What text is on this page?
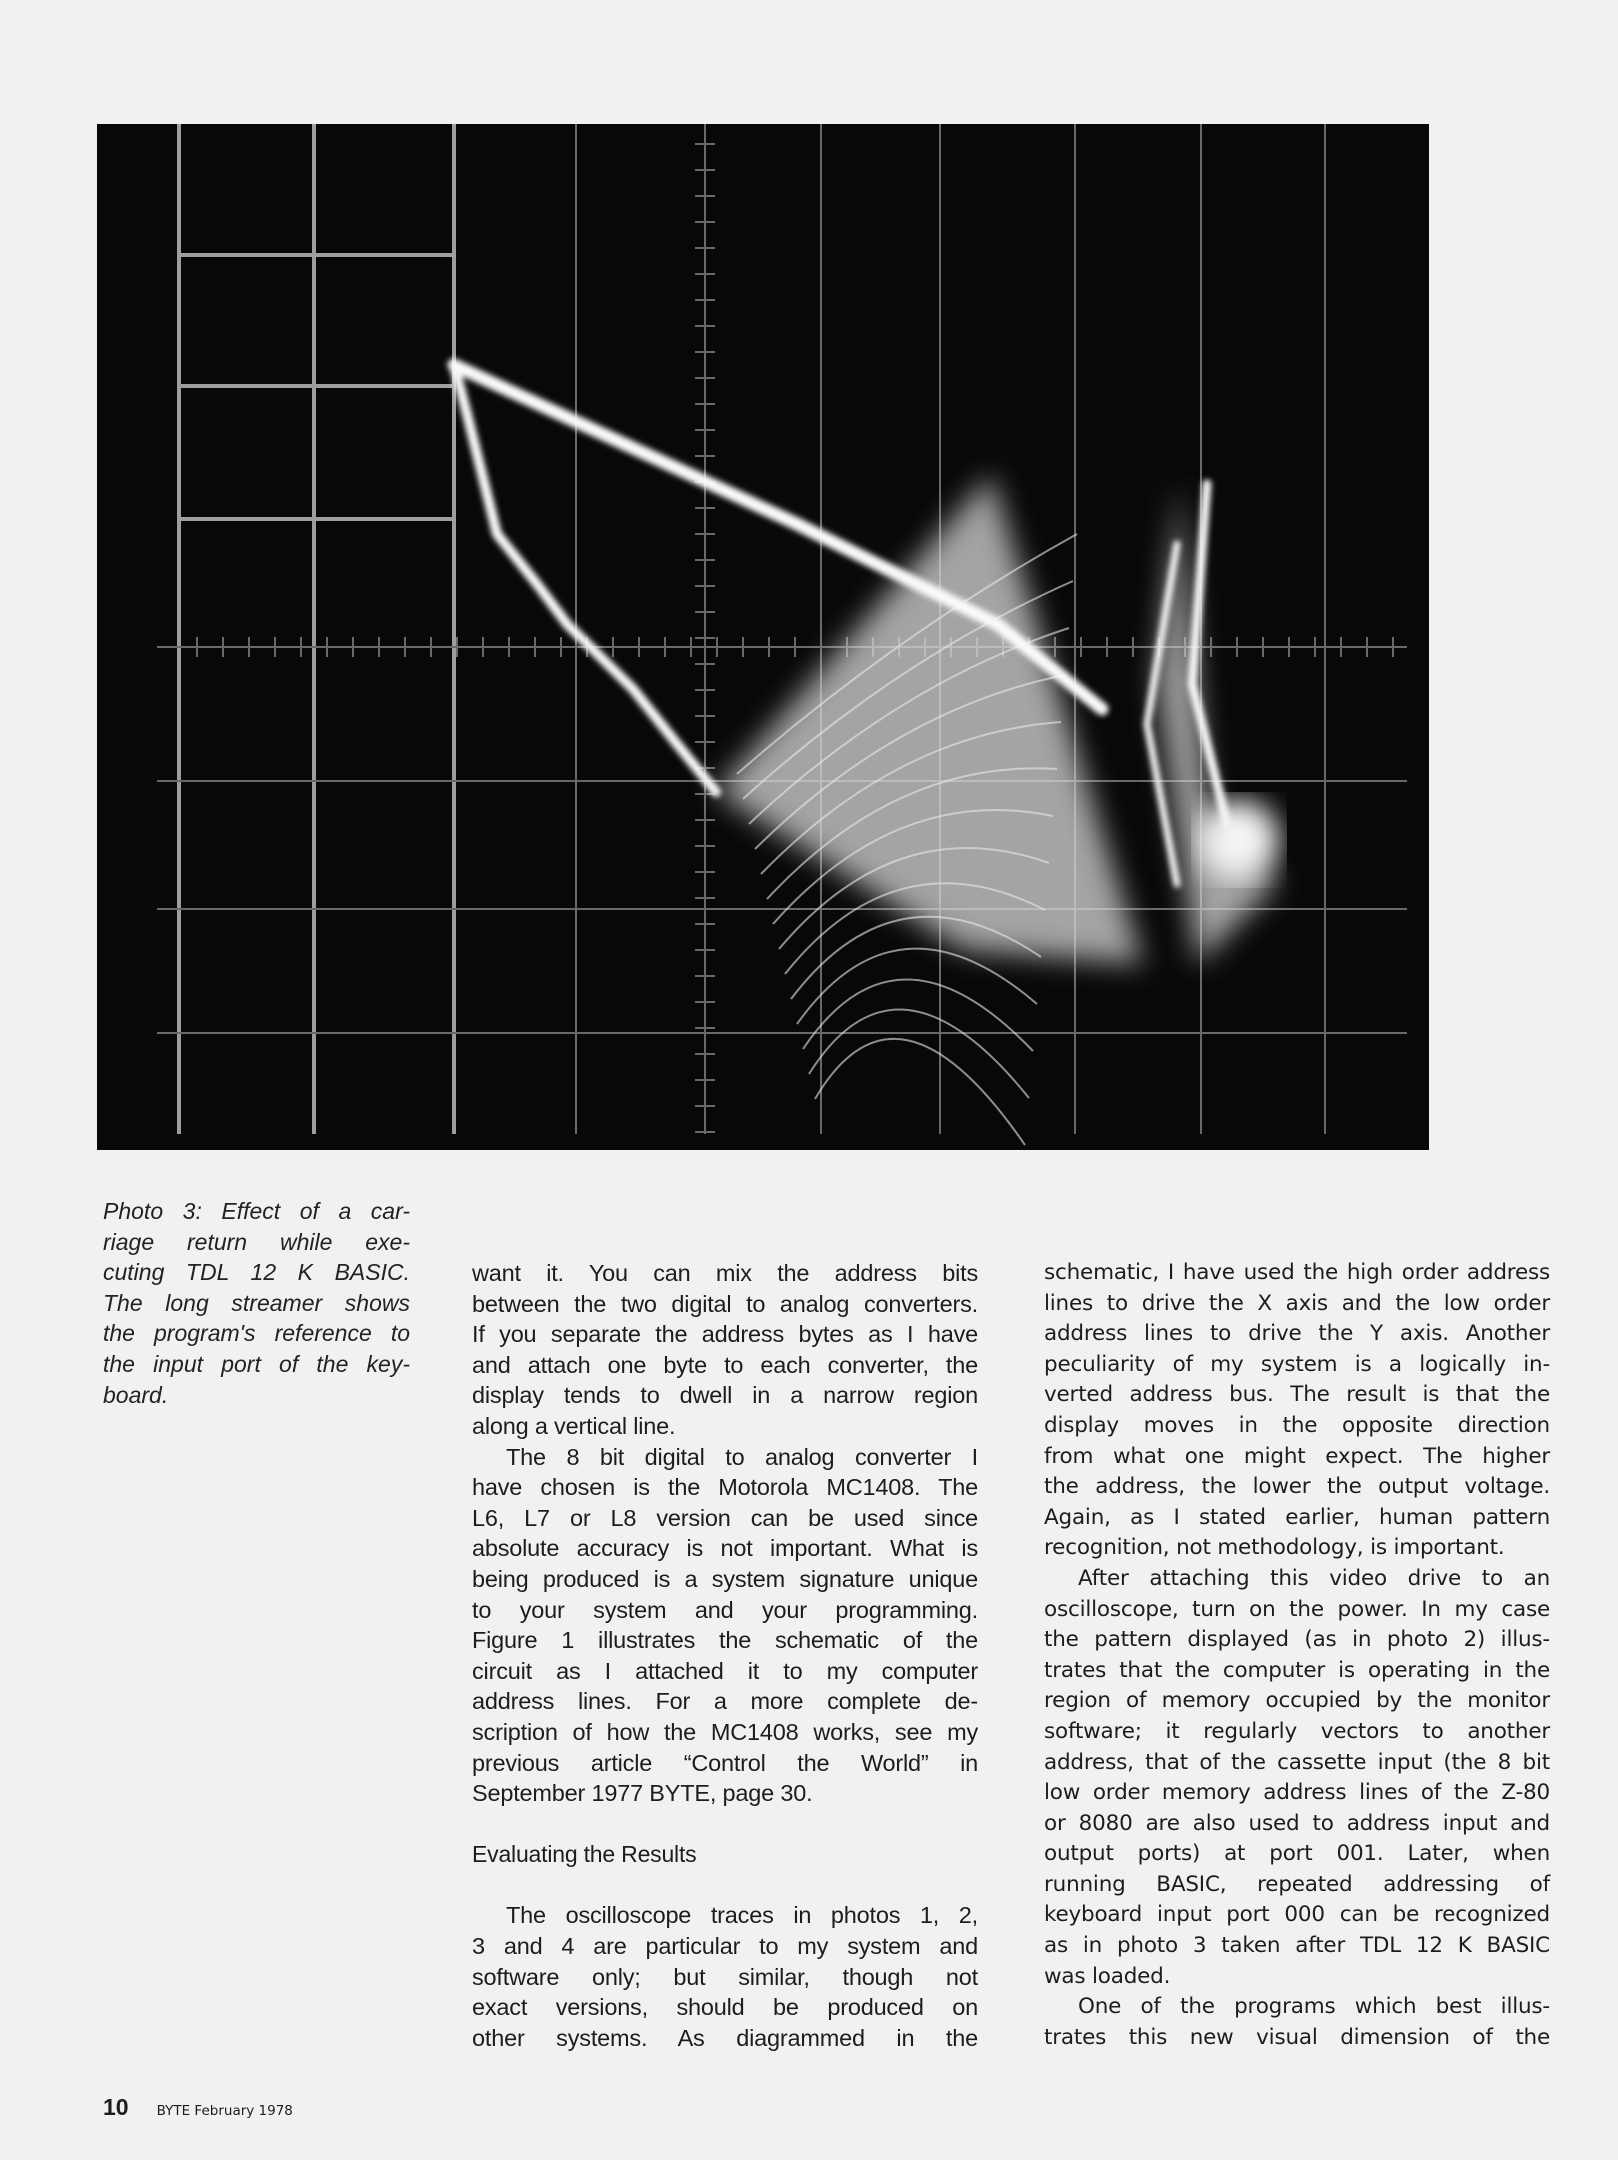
Photo 3: Effect of a car-
riage return while exe-
cuting TDL 12 K BASIC.
The long streamer shows
the program's reference to
the input port of the key-
board.
want it. You can mix the address bits
between the two digital to analog converters.
If you separate the address bytes as I have
and attach one byte to each converter, the
display tends to dwell in a narrow region
along a vertical line.
The 8 bit digital to analog converter I
have chosen is the Motorola MC1408. The
L6, L7 or L8 version can be used since
absolute accuracy is not important. What is
being produced is a system signature unique
to your system and your programming.
Figure 1 illustrates the schematic of the
circuit as I attached it to my computer
address lines. For a more complete de-
scription of how the MC1408 works, see my
previous article “Control the World” in
September 1977 BYTE, page 30.
Evaluating the Results
The oscilloscope traces in photos 1, 2,
3 and 4 are particular to my system and
software only; but similar, though not
exact versions, should be produced on
other systems. As diagrammed in the
schematic, I have used the high order address
lines to drive the X axis and the low order
address lines to drive the Y axis. Another
peculiarity of my system is a logically in-
verted address bus. The result is that the
display moves in the opposite direction
from what one might expect. The higher
the address, the lower the output voltage.
Again, as I stated earlier, human pattern
recognition, not methodology, is important.
After attaching this video drive to an
oscilloscope, turn on the power. In my case
the pattern displayed (as in photo 2) illus-
trates that the computer is operating in the
region of memory occupied by the monitor
software; it regularly vectors to another
address, that of the cassette input (the 8 bit
low order memory address lines of the Z-80
or 8080 are also used to address input and
output ports) at port 001. Later, when
running BASIC, repeated addressing of
keyboard input port 000 can be recognized
as in photo 3 taken after TDL 12 K BASIC
was loaded.
One of the programs which best illus-
trates this new visual dimension of the
10 BYTE February 1978
